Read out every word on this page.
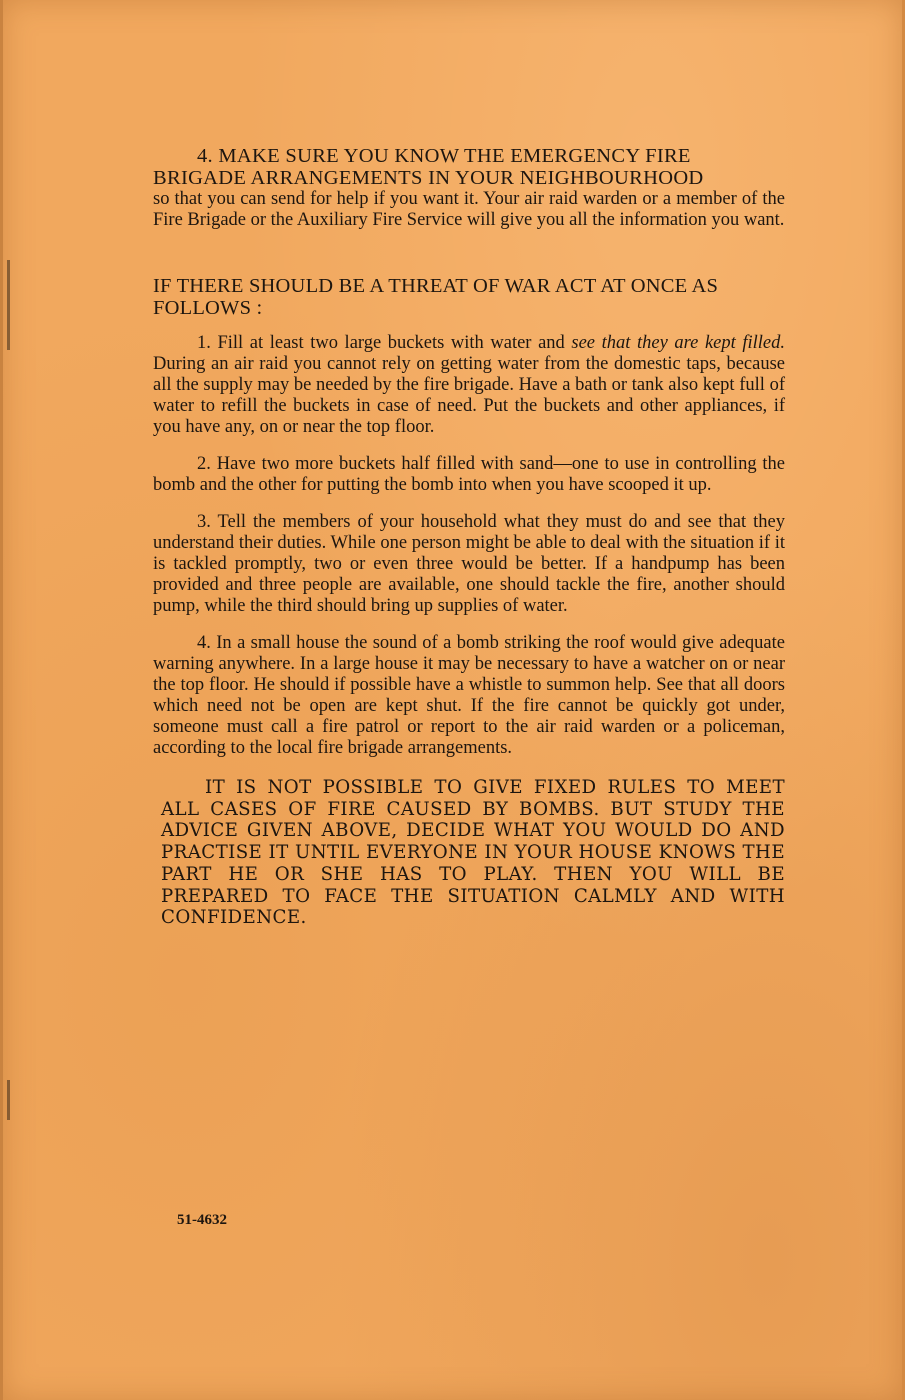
4. MAKE SURE YOU KNOW THE EMERGENCY FIRE
BRIGADE ARRANGEMENTS IN YOUR NEIGHBOURHOOD

so that you can send for help if you want it. Your air raid warden or a member of the Fire Brigade or the Auxiliary Fire Service will give you all the information you want.

IF THERE SHOULD BE A THREAT OF WAR ACT AT ONCE AS FOLLOWS :

1. Fill at least two large buckets with water and see that they are kept filled. During an air raid you cannot rely on getting water from the domestic taps, because all the supply may be needed by the fire brigade. Have a bath or tank also kept full of water to refill the buckets in case of need. Put the buckets and other appliances, if you have any, on or near the top floor.

2. Have two more buckets half filled with sand—one to use in controlling the bomb and the other for putting the bomb into when you have scooped it up.

3. Tell the members of your household what they must do and see that they understand their duties. While one person might be able to deal with the situation if it is tackled promptly, two or even three would be better. If a handpump has been provided and three people are available, one should tackle the fire, another should pump, while the third should bring up supplies of water.

4. In a small house the sound of a bomb striking the roof would give adequate warning anywhere. In a large house it may be necessary to have a watcher on or near the top floor. He should if possible have a whistle to summon help. See that all doors which need not be open are kept shut. If the fire cannot be quickly got under, someone must call a fire patrol or report to the air raid warden or a policeman, according to the local fire brigade arrangements.

IT IS NOT POSSIBLE TO GIVE FIXED RULES TO MEET ALL CASES OF FIRE CAUSED BY BOMBS. BUT STUDY THE ADVICE GIVEN ABOVE, DECIDE WHAT YOU WOULD DO AND PRACTISE IT UNTIL EVERYONE IN YOUR HOUSE KNOWS THE PART HE OR SHE HAS TO PLAY. THEN YOU WILL BE PREPARED TO FACE THE SITUATION CALMLY AND WITH CONFIDENCE.

51-4632
